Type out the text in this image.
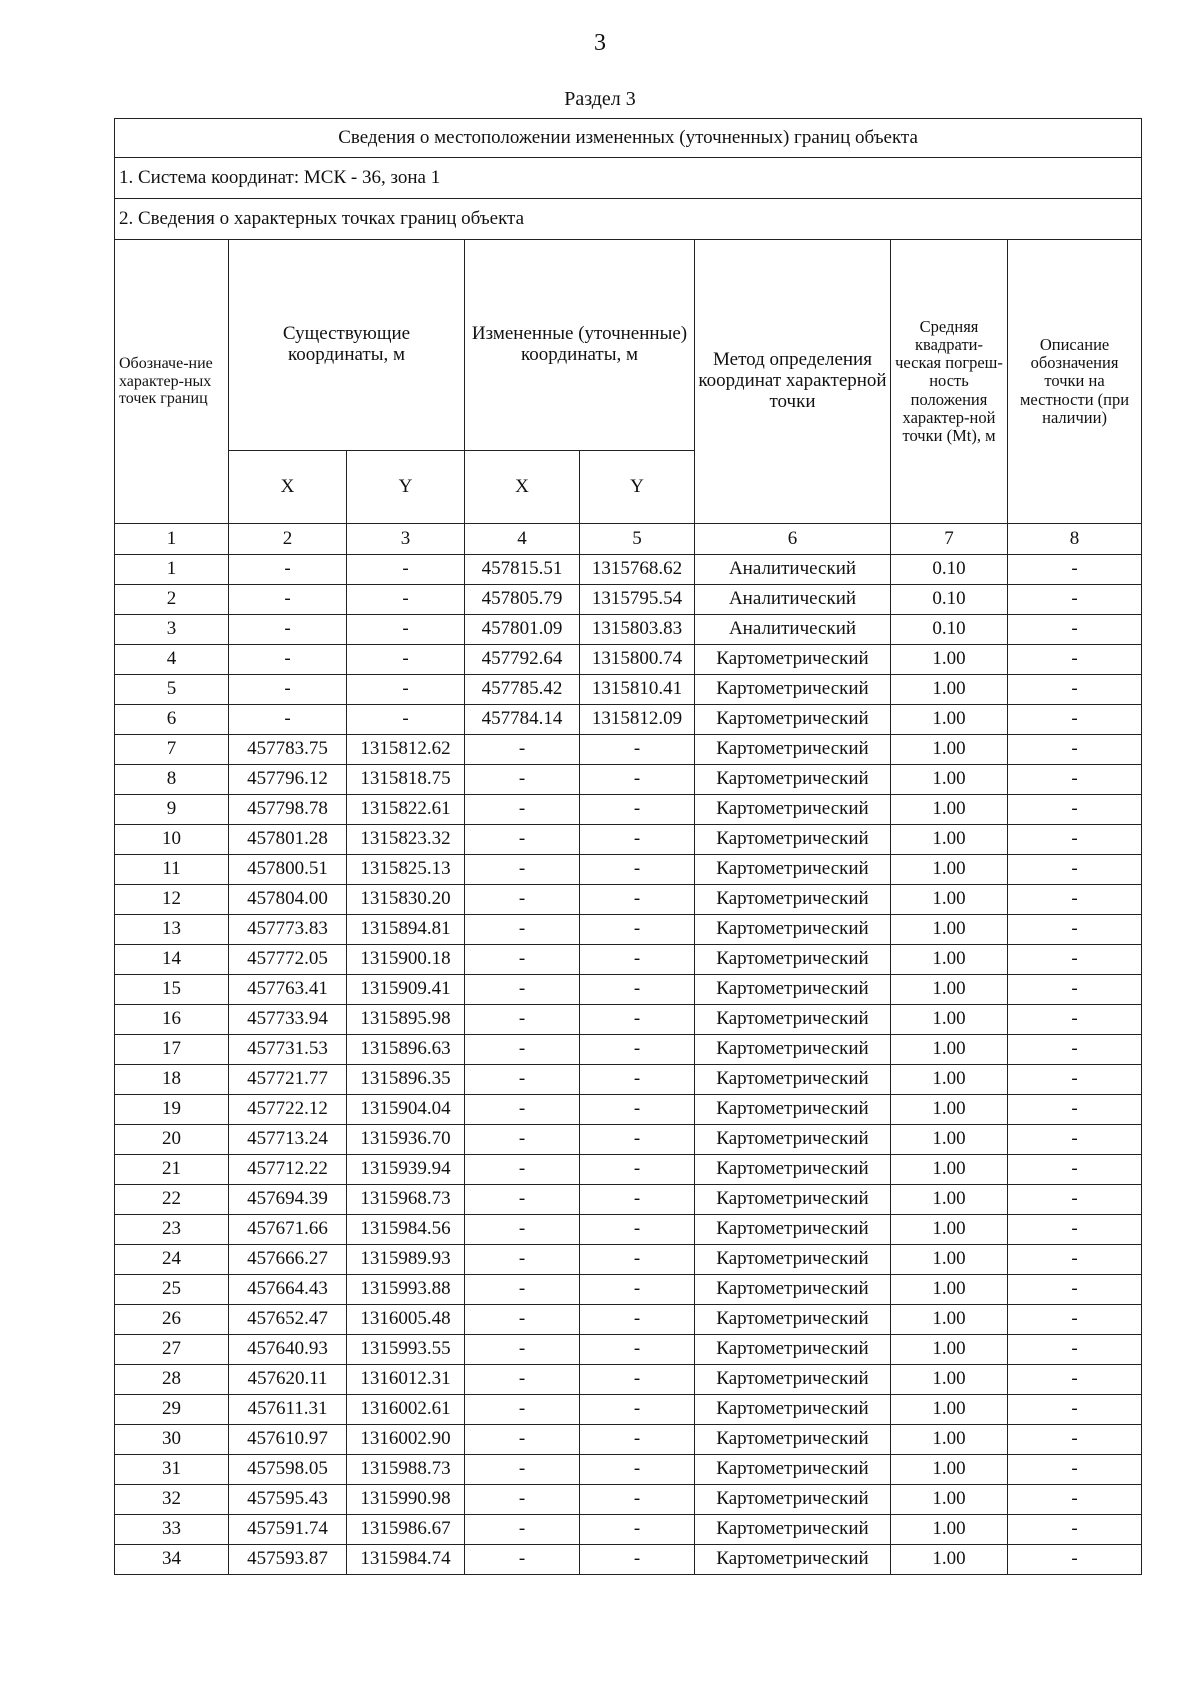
3
Раздел 3
Сведения о местоположении измененных (уточненных) границ объекта							
1. Система координат: МСК - 36, зона 1							
2. Сведения о характерных точках границ объекта							
Обозначе-ние характер-ных точек границ	Существующие координаты, м		Измененные (уточненные) координаты, м		Метод определения координат характерной точки	Средняя квадрати-ческая погреш-ность положения характер-ной точки (Mt), м	Описание обозначения точки на местности (при наличии)
	X	Y	X	Y			
1	2	3	4	5	6	7	8
1	-	-	457815.51	1315768.62	Аналитический	0.10	-
2	-	-	457805.79	1315795.54	Аналитический	0.10	-
3	-	-	457801.09	1315803.83	Аналитический	0.10	-
4	-	-	457792.64	1315800.74	Картометрический	1.00	-
5	-	-	457785.42	1315810.41	Картометрический	1.00	-
6	-	-	457784.14	1315812.09	Картометрический	1.00	-
7	457783.75	1315812.62	-	-	Картометрический	1.00	-
8	457796.12	1315818.75	-	-	Картометрический	1.00	-
9	457798.78	1315822.61	-	-	Картометрический	1.00	-
10	457801.28	1315823.32	-	-	Картометрический	1.00	-
11	457800.51	1315825.13	-	-	Картометрический	1.00	-
12	457804.00	1315830.20	-	-	Картометрический	1.00	-
13	457773.83	1315894.81	-	-	Картометрический	1.00	-
14	457772.05	1315900.18	-	-	Картометрический	1.00	-
15	457763.41	1315909.41	-	-	Картометрический	1.00	-
16	457733.94	1315895.98	-	-	Картометрический	1.00	-
17	457731.53	1315896.63	-	-	Картометрический	1.00	-
18	457721.77	1315896.35	-	-	Картометрический	1.00	-
19	457722.12	1315904.04	-	-	Картометрический	1.00	-
20	457713.24	1315936.70	-	-	Картометрический	1.00	-
21	457712.22	1315939.94	-	-	Картометрический	1.00	-
22	457694.39	1315968.73	-	-	Картометрический	1.00	-
23	457671.66	1315984.56	-	-	Картометрический	1.00	-
24	457666.27	1315989.93	-	-	Картометрический	1.00	-
25	457664.43	1315993.88	-	-	Картометрический	1.00	-
26	457652.47	1316005.48	-	-	Картометрический	1.00	-
27	457640.93	1315993.55	-	-	Картометрический	1.00	-
28	457620.11	1316012.31	-	-	Картометрический	1.00	-
29	457611.31	1316002.61	-	-	Картометрический	1.00	-
30	457610.97	1316002.90	-	-	Картометрический	1.00	-
31	457598.05	1315988.73	-	-	Картометрический	1.00	-
32	457595.43	1315990.98	-	-	Картометрический	1.00	-
33	457591.74	1315986.67	-	-	Картометрический	1.00	-
34	457593.87	1315984.74	-	-	Картометрический	1.00	-
